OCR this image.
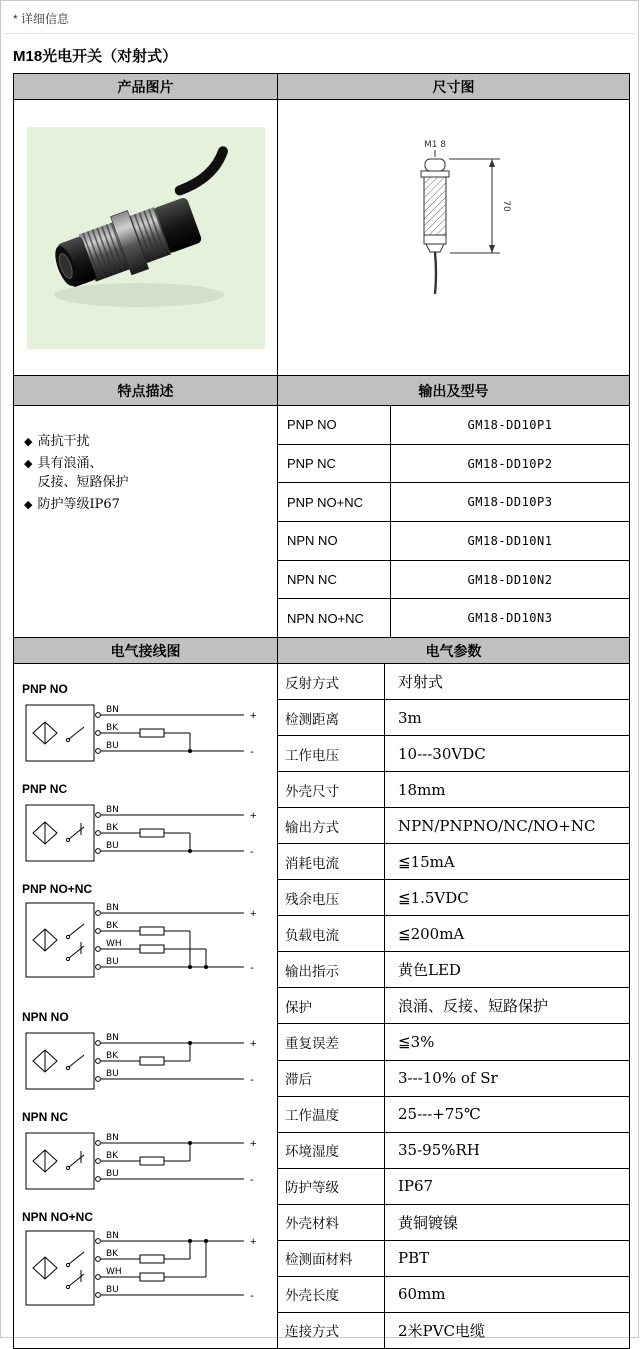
* 详细信息
M18光电开关（对射式）
产品图片	尺寸图
M1 8
70
特点描述	输出及型号
◆ 高抗干扰
◆ 具有浪涌、
反接、短路保护
◆ 防护等级IP67
PNP NO	GM18-DD10P1
PNP NC	GM18-DD10P2
PNP NO+NC	GM18-DD10P3
NPN NO	GM18-DD10N1
NPN NC	GM18-DD10N2
NPN NO+NC	GM18-DD10N3
电气接线图	电气参数
PNP NO
BN
BK
BU
+
-
PNP NC
BN
BK
BU
+
-
PNP NO+NC
BN
BK
WH
BU
+
-
NPN NO
BN
BK
BU
+
-
NPN NC
BN
BK
BU
+
-
NPN NO+NC
BN
BK
WH
BU
+
-
反射方式	对射式
检测距离	3m
工作电压	10---30VDC
外壳尺寸	18mm
输出方式	NPN/PNPNO/NC/NO+NC
消耗电流	≦15mA
残余电压	≦1.5VDC
负载电流	≦200mA
输出指示	黄色LED
保护	浪涌、反接、短路保护
重复误差	≦3%
滞后	3---10% of Sr
工作温度	25---+75℃
环境湿度	35-95%RH
防护等级	IP67
外壳材料	黄铜镀镍
检测面材料	PBT
外壳长度	60mm
连接方式	2米PVC电缆
